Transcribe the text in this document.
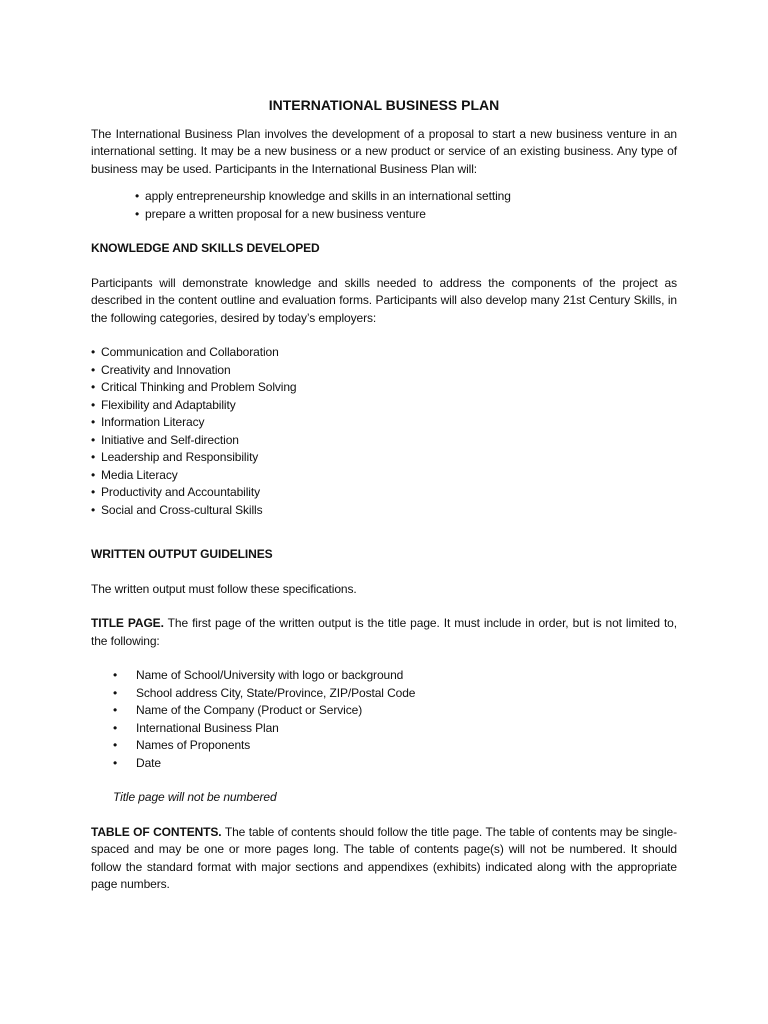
INTERNATIONAL BUSINESS PLAN

The International Business Plan involves the development of a proposal to start a new business venture in an international setting. It may be a new business or a new product or service of an existing business. Any type of business may be used. Participants in the International Business Plan will:

• apply entrepreneurship knowledge and skills in an international setting
• prepare a written proposal for a new business venture
KNOWLEDGE AND SKILLS DEVELOPED

Participants will demonstrate knowledge and skills needed to address the components of the project as described in the content outline and evaluation forms. Participants will also develop many 21st Century Skills, in the following categories, desired by today’s employers:

• Communication and Collaboration
• Creativity and Innovation
• Critical Thinking and Problem Solving
• Flexibility and Adaptability
• Information Literacy
• Initiative and Self-direction
• Leadership and Responsibility
• Media Literacy
• Productivity and Accountability
• Social and Cross-cultural Skills
WRITTEN OUTPUT GUIDELINES

The written output must follow these specifications.

TITLE PAGE. The first page of the written output is the title page. It must include in order, but is not limited to, the following:

• Name of School/University with logo or background
• School address City, State/Province, ZIP/Postal Code
• Name of the Company (Product or Service)
• International Business Plan
• Names of Proponents
• Date
Title page will not be numbered

TABLE OF CONTENTS. The table of contents should follow the title page. The table of contents may be single-spaced and may be one or more pages long. The table of contents page(s) will not be numbered. It should follow the standard format with major sections and appendixes (exhibits) indicated along with the appropriate page numbers.
